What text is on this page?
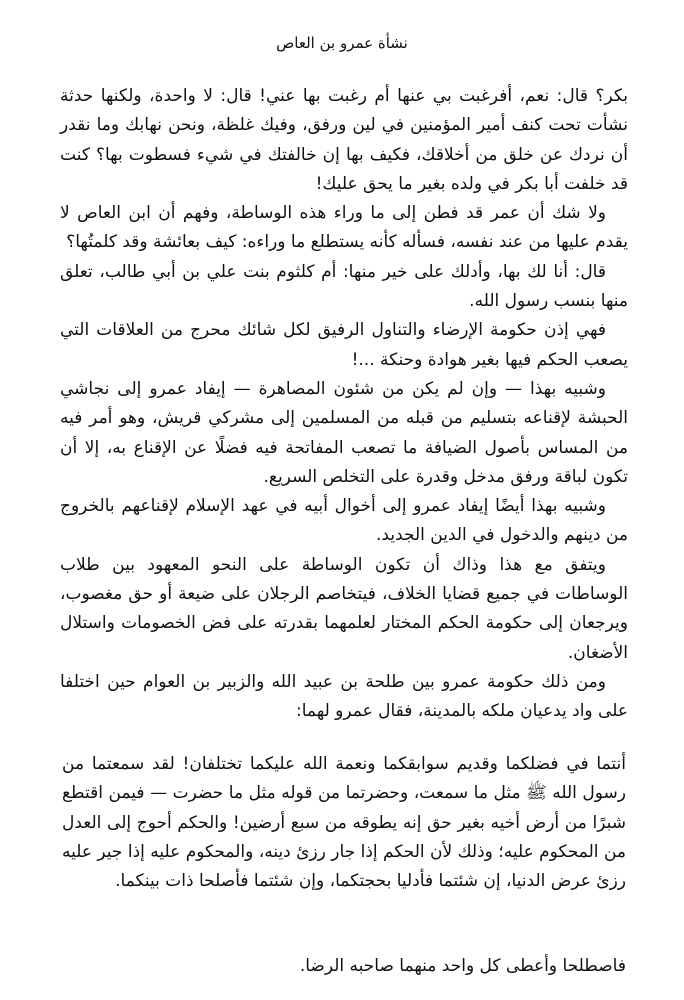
نشأة عمرو بن العاص

بكر؟ قال: نعم، أفرغبت بي عنها أم رغبت بها عني! قال: لا واحدة، ولكنها حدثة نشأت تحت كنف أمير المؤمنين في لين ورفق، وفيك غلظة، ونحن نهابك وما نقدر أن نردك عن خلق من أخلاقك، فكيف بها إن خالفتك في شيء فسطوت بها؟ كنت قد خلفت أبا بكر في ولده بغير ما يحق عليك!

ولا شك أن عمر قد فطن إلى ما وراء هذه الوساطة، وفهم أن ابن العاص لا يقدم عليها من عند نفسه، فسأله كأنه يستطلع ما وراءه: كيف بعائشة وقد كلمتُها؟

قال: أنا لك بها، وأدلك على خير منها: أم كلثوم بنت علي بن أبي طالب، تعلق منها بنسب رسول الله.

فهي إذن حكومة الإرضاء والتناول الرفيق لكل شائك محرج من العلاقات التي يصعب الحكم فيها بغير هوادة وحنكة ...!

وشبيه بهذا — وإن لم يكن من شئون المصاهرة — إيفاد عمرو إلى نجاشي الحبشة لإقناعه بتسليم من قبله من المسلمين إلى مشركي قريش، وهو أمر فيه من المساس بأصول الضيافة ما تصعب المفاتحة فيه فضلًا عن الإقناع به، إلا أن تكون لباقة ورفق مدخل وقدرة على التخلص السريع.

وشبيه بهذا أيضًا إيفاد عمرو إلى أخوال أبيه في عهد الإسلام لإقناعهم بالخروج من دينهم والدخول في الدين الجديد.

ويتفق مع هذا وذاك أن تكون الوساطة على النحو المعهود بين طلاب الوساطات في جميع قضايا الخلاف، فيتخاصم الرجلان على ضيعة أو حق مغصوب، ويرجعان إلى حكومة الحكم المختار لعلمهما بقدرته على فض الخصومات واستلال الأضغان.

ومن ذلك حكومة عمرو بين طلحة بن عبيد الله والزبير بن العوام حين اختلفا على واد يدعيان ملكه بالمدينة، فقال عمرو لهما:

أنتما في فضلكما وقديم سوابقكما ونعمة الله عليكما تختلفان! لقد سمعتما من رسول الله ﷺ مثل ما سمعت، وحضرتما من قوله مثل ما حضرت — فيمن اقتطع شبرًا من أرض أخيه بغير حق إنه يطوقه من سبع أرضين! والحكم أحوج إلى العدل من المحكوم عليه؛ وذلك لأن الحكم إذا جار رزئ دينه، والمحكوم عليه إذا جير عليه رزئ عرض الدنيا، إن شئتما فأدليا بحجتكما، وإن شئتما فأصلحا ذات بينكما.

فاصطلحا وأعطى كل واحد منهما صاحبه الرضا.
